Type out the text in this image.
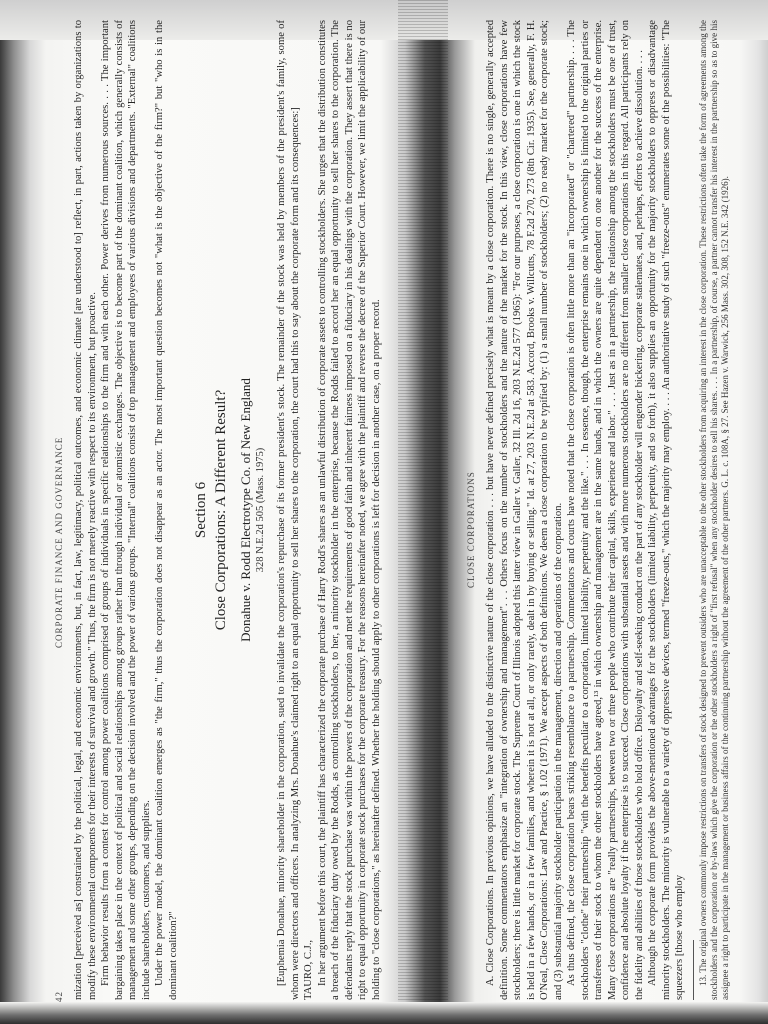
42
CORPORATE FINANCE AND GOVERNANCE mization [perceived as] constrained by the political, legal, and economic environments, but, in fact, law, legitimacy, political outcomes, and economic climate [are understood to] reflect, in part, actions taken by organizations to modify these environmental components for their interests of survival and growth." Thus, the firm is not merely reactive with respect to its environment, but proactive. Firm behavior results from a contest for control among power coalitions comprised of groups of individuals in specific relationships to the firm and with each other. Power derives from numerous sources. . . . The important bargaining takes place in the context of political and social relationships among groups rather than through individual or atomistic exchanges. The objective is to become part of the dominant coalition, which generally consists of management and some other groups, depending on the decision involved and the power of various groups. "Internal" coalitions consist of top management and employees of various divisions and departments. "External" coalitions include shareholders, customers, and suppliers. Under the power model, the dominant coalition emerges as "the firm," thus the corporation does not disappear as an actor. The most important question becomes not "what is the objective of the firm?" but "who is in the dominant coalition?"

Section 6 Close Corporations: A Different Result? Donahue v. Rodd Electrotype Co. of New England 328 N.E.2d 505 (Mass. 1975) [Euphemia Donahue, minority shareholder in the corporation, sued to invalidate the corporation's repurchase of its former president's stock. The remainder of the stock was held by members of the president's family, some of whom were directors and officers. In analyzing Mrs. Donahue's claimed right to an equal opportunity to sell her shares to the corporation, the court had this to say about the corporate form and its consequences:] TAURO, C.J., In her argument before this court, the plaintiff has characterized the corporate purchase of Harry Rodd's shares as an unlawful distribution of corporate assets to controlling stockholders. She urges that the distribution constitutes a breach of the fiduciary duty owed by the Rodds, as controlling stockholders, to her, a minority stockholder in the enterprise, because the Rodds failed to accord her an equal opportunity to sell her shares to the corporation. The defendants reply that the stock purchase was within the powers of the corporation and met the requirements of good faith and inherent fairness imposed on a fiduciary in his dealings with the corporation. They assert that there is no right to equal opportunity in corporate stock purchases for the corporate treasury. For the reasons hereinafter noted, we agree with the plaintiff and reverse the decree of the Superior Court. However, we limit the applicability of our holding to "close corporations," as hereinafter defined. Whether the holding should apply to other corporations is left for decision in another case, on a proper record.	CLOSE CORPORATIONS A. Close Corporations. In previous opinions, we have alluded to the distinctive nature of the close corporation . . . but have never defined precisely what is meant by a close corporation. There is no single, generally accepted definition. Some commentators emphasize an "integration of ownership and management". . . Others focus on the number of stockholders and the nature of the market for the stock. In this view, close corporations have few stockholders; there is little market for corporate stock. The Supreme Court of Illinois adopted this latter view in Galler v. Galler, 32 Ill. 2d 16, 203 N.E.2d 577 (1965): "For our purposes, a close corporation is one in which the stock is held in a few hands, or in a few families, and wherein it is not at all, or only rarely, dealt in by buying or selling." Id. at 27, 203 N.E.2d at 583. Accord, Brooks v. Willcutts, 78 F.2d 270, 273 (8th Cir. 1935). See, generally, F. H. O'Neal, Close Corporations: Law and Practice, § 1.02 (1971). We accept aspects of both definitions. We deem a close corporation to be typified by: (1) a small number of stockholders; (2) no ready market for the corporate stock; and (3) substantial majority stockholder participation in the management, direction and operations of the corporation. As thus defined, the close corporation bears striking resemblance to a partnership. Commentators and courts have noted that the close corporation is often little more than an "incorporated" or "chartered" partnership. . . . The stockholders "clothe" their partnership "with the benefits peculiar to a corporation, limited liability, perpetuity and the like." . . . In essence, though, the enterprise remains one in which ownership is limited to the original parties or transferees of their stock to whom the other stockholders have agreed,¹³ in which ownership and management are in the same hands, and in which the owners are quite dependent on one another for the success of the enterprise. Many close corporations are "really partnerships, between two or three people who contribute their capital, skills, experience and labor." . . . Just as in a partnership, the relationship among the stockholders must be one of trust, confidence and absolute loyalty if the enterprise is to succeed. Close corporations with substantial assets and with more numerous stockholders are no different from smaller close corporations in this regard. All participants rely on the fidelity and abilities of those stockholders who hold office. Disloyalty and self-seeking conduct on the part of any stockholder will engender bickering, corporate stalemates, and, perhaps, efforts to achieve dissolution. . . . Although the corporate form provides the above-mentioned advantages for the stockholders (limited liability, perpetuity, and so forth), it also supplies an opportunity for the majority stockholders to oppress or disadvantage minority stockholders. The minority is vulnerable to a variety of oppressive devices, termed "freeze-outs," which the majority may employ. . . . An authoritative study of such "freeze-outs" enumerates some of the possibilities: "The squeezers [those who employ 13. The original owners commonly impose restrictions on transfers of stock designed to prevent outsiders who are unacceptable to the other stockholders from acquiring an interest in the close corporation. These restrictions often take the form of agreements among the stockholders and the corporation or by-laws which give the corporation or the other stockholders a right of "first refusal" when any stockholder desires to sell his shares. . . . In a partnership, of course, a partner cannot transfer his interest in the partnership so as to give his assignee a right to participate in the management or business affairs of the continuing partnership without the agreement of the other partners. G. L. c. 108A, § 27. See Hazen v. Warwick, 256 Mass. 302, 308, 152 N.E. 342 (1926).
